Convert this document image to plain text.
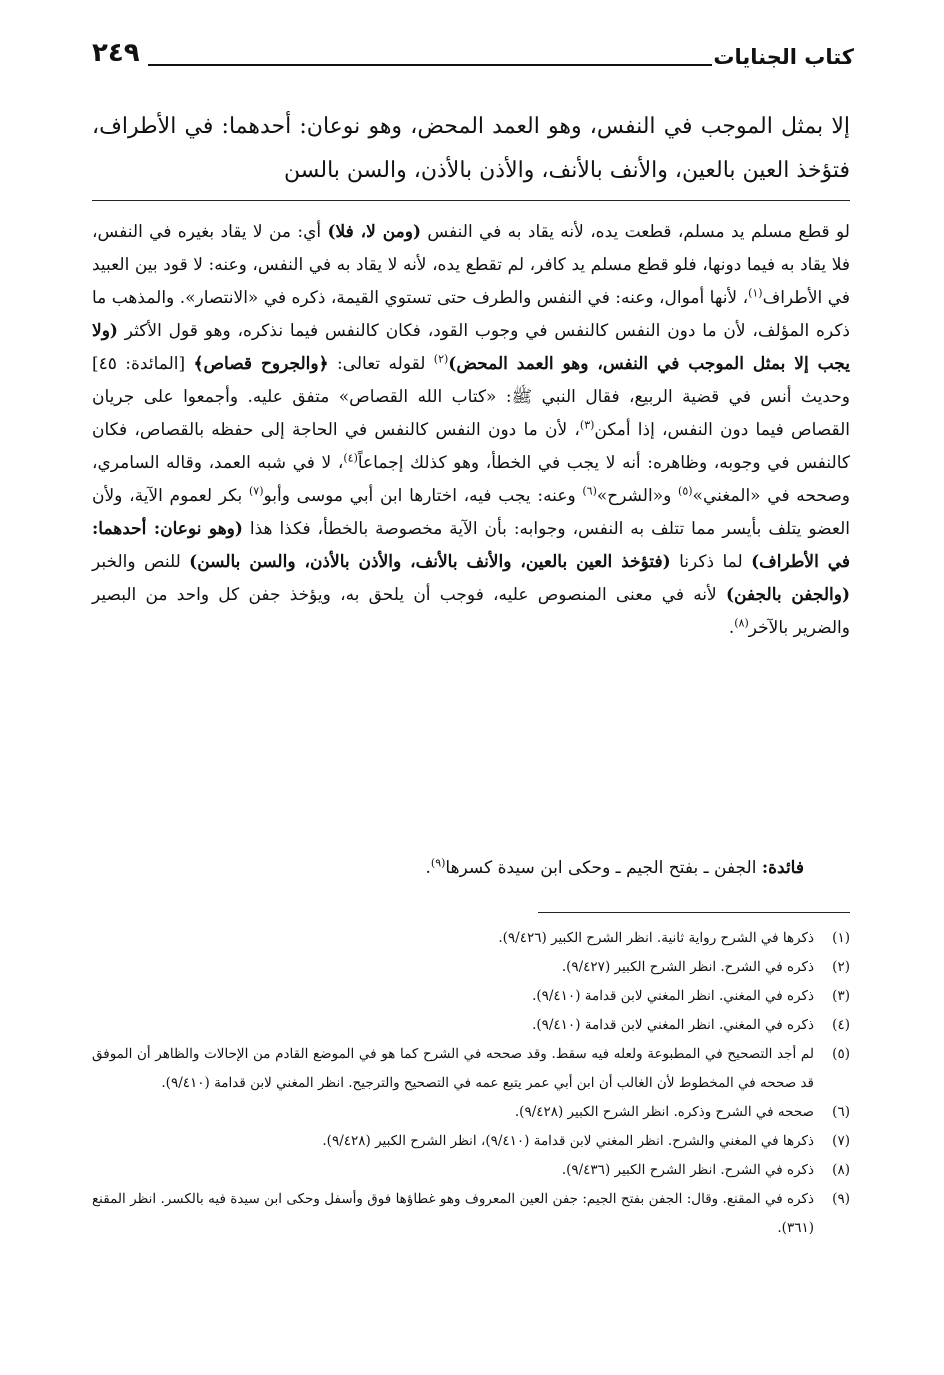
كتاب الجنايات
٢٤٩

إلا بمثل الموجب في النفس، وهو العمد المحض، وهو نوعان: أحدهما: في الأطراف، فتؤخذ العين بالعين، والأنف بالأنف، والأذن بالأذن، والسن بالسن

لو قطع مسلم يد مسلم، قطعت يده، لأنه يقاد به في النفس (ومن لا، فلا) أي: من لا يقاد بغيره في النفس، فلا يقاد به فيما دونها، فلو قطع مسلم يد كافر، لم تقطع يده، لأنه لا يقاد به في النفس، وعنه: لا قود بين العبيد في الأطراف$^{(١)}$، لأنها أموال، وعنه: في النفس والطرف حتى تستوي القيمة، ذكره في «الانتصار». والمذهب ما ذكره المؤلف، لأن ما دون النفس كالنفس في وجوب القود، فكان كالنفس فيما نذكره، وهو قول الأكثر (ولا يجب إلا بمثل الموجب في النفس، وهو العمد المحض)$^{(٢)}$ لقوله تعالى: ﴿والجروح قصاص﴾ [المائدة: ٤٥] وحديث أنس في قضية الربيع، فقال النبي ﷺ: «كتاب الله القصاص» متفق عليه. وأجمعوا على جريان القصاص فيما دون النفس، إذا أمكن$^{(٣)}$، لأن ما دون النفس كالنفس في الحاجة إلى حفظه بالقصاص، فكان كالنفس في وجوبه، وظاهره: أنه لا يجب في الخطأ، وهو كذلك إجماعاً$^{(٤)}$، لا في شبه العمد، وقاله السامري، وصححه في «المغني»$^{(٥)}$ و«الشرح»$^{(٦)}$ وعنه: يجب فيه، اختارها ابن أبي موسى وأبو$^{(٧)}$ بكر لعموم الآية، ولأن العضو يتلف بأيسر مما تتلف به النفس، وجوابه: بأن الآية مخصوصة بالخطأ، فكذا هذا (وهو نوعان: أحدهما: في الأطراف) لما ذكرنا (فتؤخذ العين بالعين، والأنف بالأنف، والأذن بالأذن، والسن بالسن) للنص والخبر (والجفن بالجفن) لأنه في معنى المنصوص عليه، فوجب أن يلحق به، ويؤخذ جفن كل واحد من البصير والضرير بالآخر$^{(٨)}$.

فائدة: الجفن ـ بفتح الجيم ـ وحكى ابن سيدة كسرها$^{(٩)}$.

(١)
ذكرها في الشرح رواية ثانية. انظر الشرح الكبير (٩/٤٢٦).
(٢)
ذكره في الشرح. انظر الشرح الكبير (٩/٤٢٧).
(٣)
ذكره في المغني. انظر المغني لابن قدامة (٩/٤١٠).
(٤)
ذكره في المغني. انظر المغني لابن قدامة (٩/٤١٠).
(٥)
لم أجد التصحيح في المطبوعة ولعله فيه سقط. وقد صححه في الشرح كما هو في الموضع القادم من الإحالات والظاهر أن الموفق قد صححه في المخطوط لأن الغالب أن ابن أبي عمر يتبع عمه في التصحيح والترجيح. انظر المغني لابن قدامة (٩/٤١٠).
(٦)
صححه في الشرح وذكره. انظر الشرح الكبير (٩/٤٢٨).
(٧)
ذكرها في المغني والشرح. انظر المغني لابن قدامة (٩/٤١٠)، انظر الشرح الكبير (٩/٤٢٨).
(٨)
ذكره في الشرح. انظر الشرح الكبير (٩/٤٣٦).
(٩)
ذكره في المقنع. وقال: الجفن بفتح الجيم: جفن العين المعروف وهو غطاؤها فوق وأسفل وحكى ابن سيدة فيه بالكسر. انظر المقنع (٣٦١).
